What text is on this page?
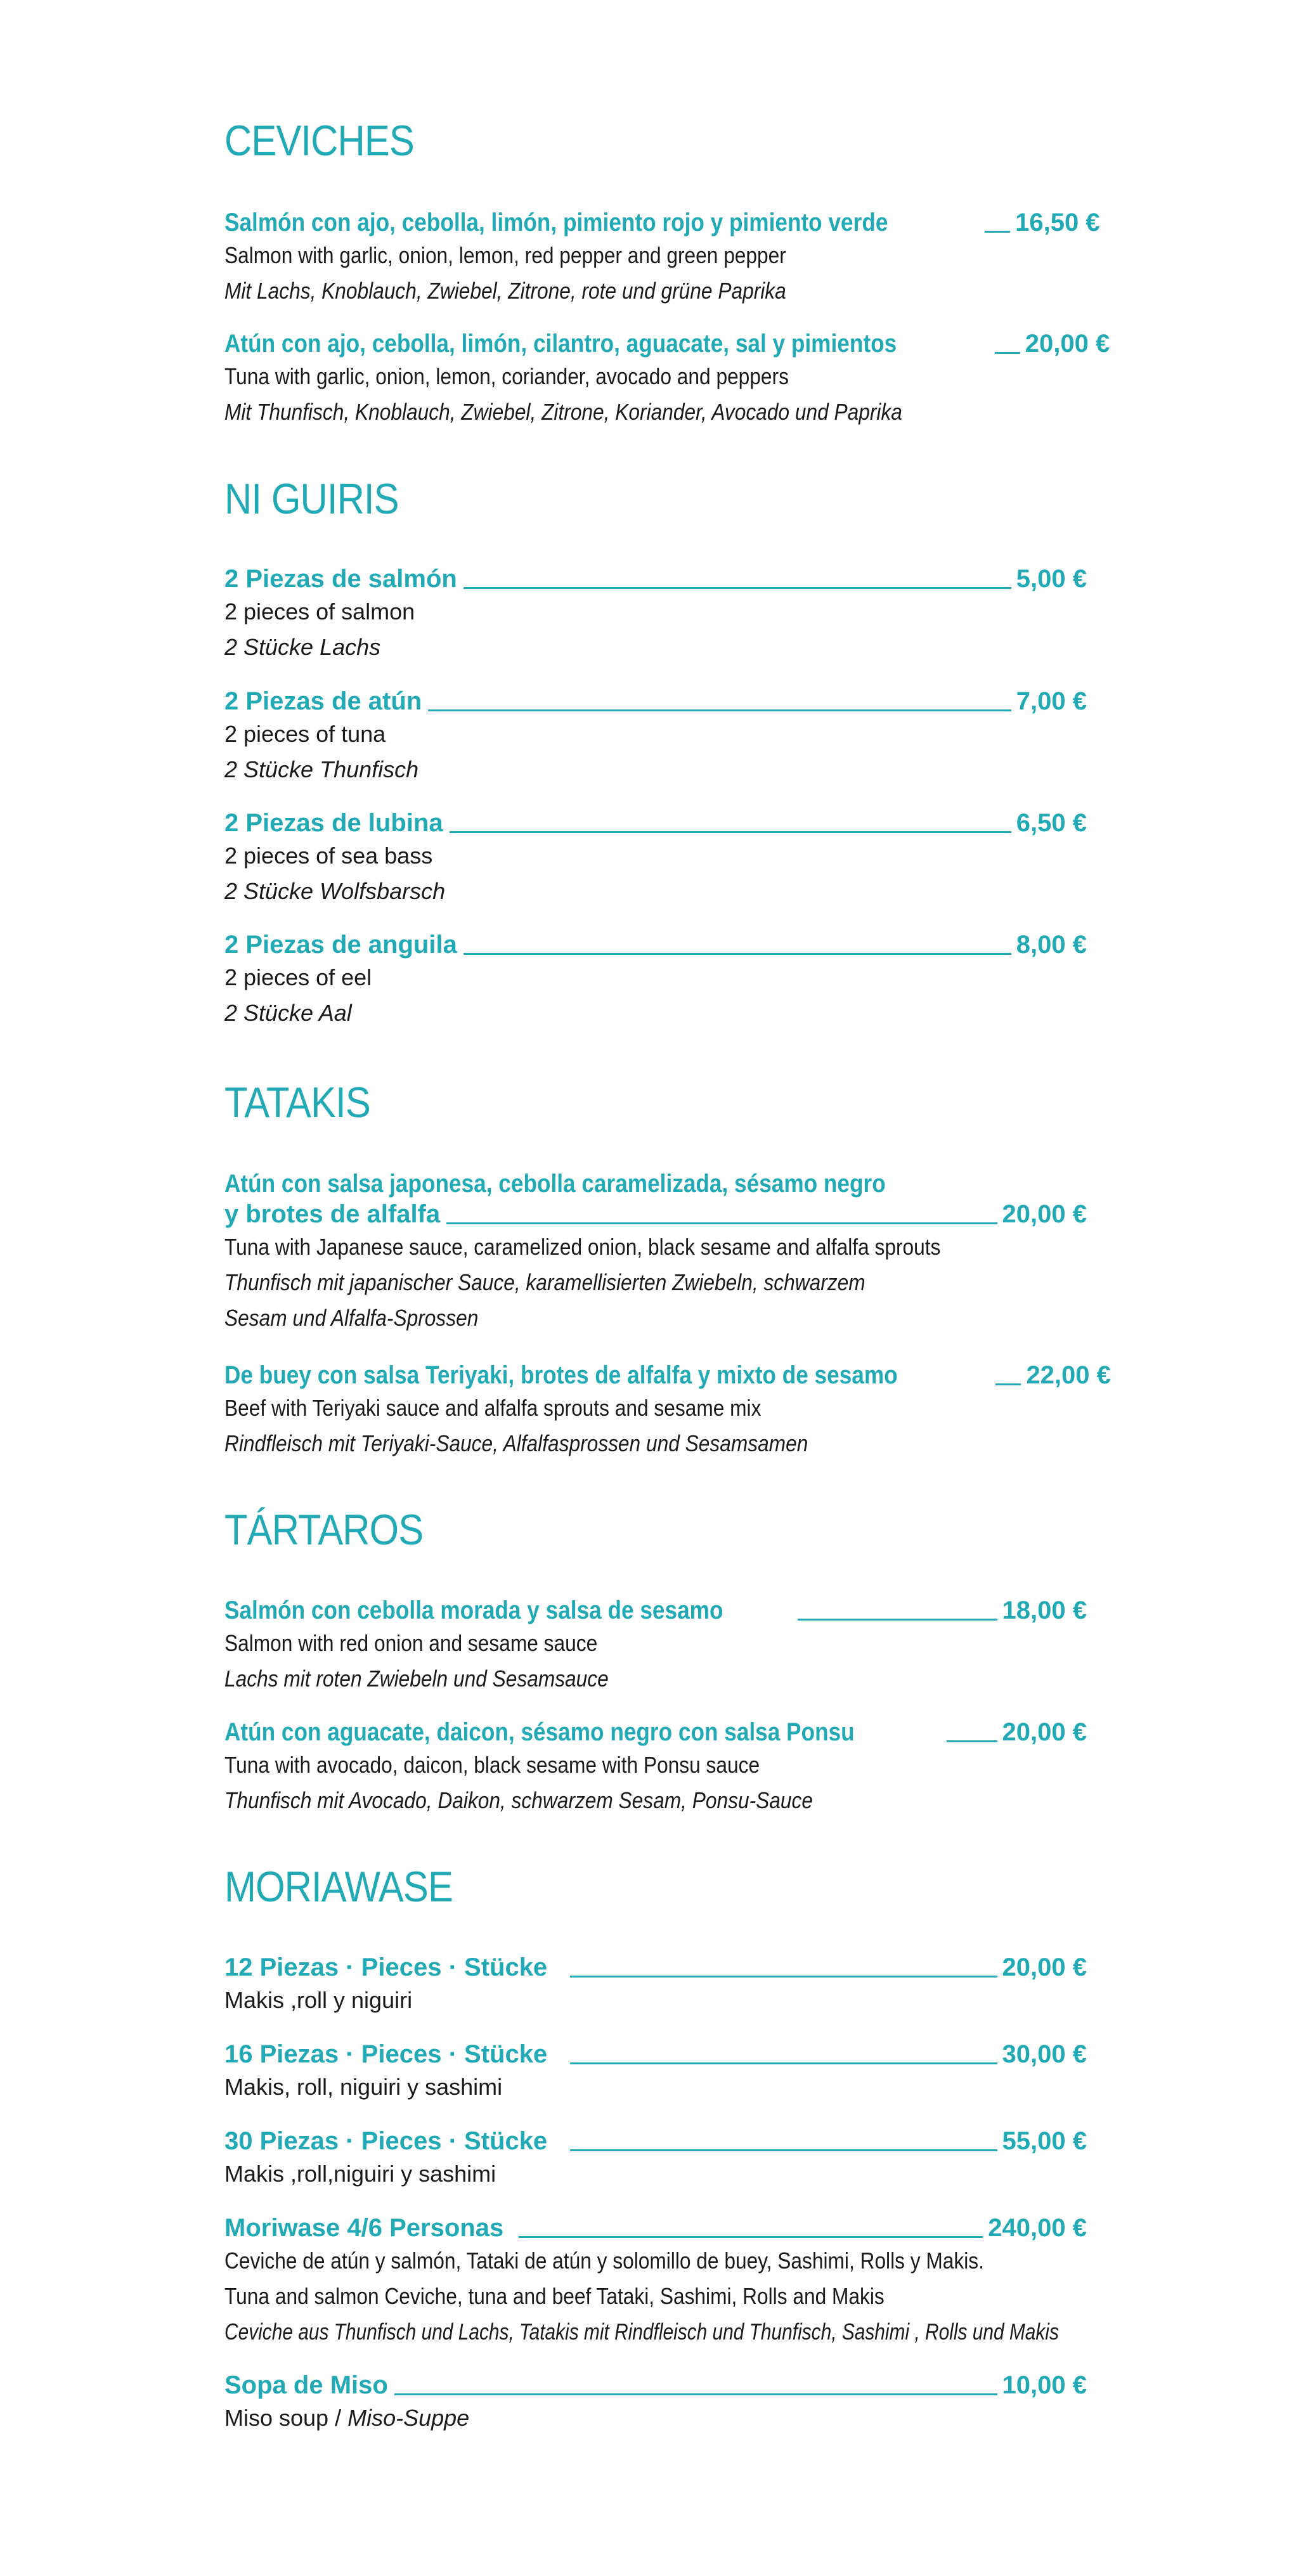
CEVICHES
Salmón con ajo, cebolla, limón, pimiento rojo y pimiento verde	16,50 €
Salmon with garlic, onion, lemon, red pepper and green pepper
Mit Lachs, Knoblauch, Zwiebel, Zitrone, rote und grüne Paprika
Atún con ajo, cebolla, limón, cilantro, aguacate, sal y pimientos	20,00 €
Tuna with garlic, onion, lemon, coriander, avocado and peppers
Mit Thunfisch, Knoblauch, Zwiebel, Zitrone, Koriander, Avocado und Paprika
NI GUIRIS
2 Piezas de salmón	5,00 €
2 pieces of salmon
2 Stücke Lachs
2 Piezas de atún	7,00 €
2 pieces of tuna
2 Stücke Thunfisch
2 Piezas de lubina	6,50 €
2 pieces of sea bass
2 Stücke Wolfsbarsch
2 Piezas de anguila	8,00 €
2 pieces of eel
2 Stücke Aal
TATAKIS
Atún con salsa japonesa, cebolla caramelizada, sésamo negro
y brotes de alfalfa	20,00 €
Tuna with Japanese sauce, caramelized onion, black sesame and alfalfa sprouts
Thunfisch mit japanischer Sauce, karamellisierten Zwiebeln, schwarzem
Sesam und Alfalfa-Sprossen
De buey con salsa Teriyaki, brotes de alfalfa y mixto de sesamo	22,00 €
Beef with Teriyaki sauce and alfalfa sprouts and sesame mix
Rindfleisch mit Teriyaki-Sauce, Alfalfasprossen und Sesamsamen
TÁRTAROS
Salmón con cebolla morada y salsa de sesamo	18,00 €
Salmon with red onion and sesame sauce
Lachs mit roten Zwiebeln und Sesamsauce
Atún con aguacate, daicon, sésamo negro con salsa Ponsu	20,00 €
Tuna with avocado, daicon, black sesame with Ponsu sauce
Thunfisch mit Avocado, Daikon, schwarzem Sesam, Ponsu-Sauce
MORIAWASE
12 Piezas · Pieces · Stücke	20,00 €
Makis ,roll y niguiri
16 Piezas · Pieces · Stücke	30,00 €
Makis, roll, niguiri y sashimi
30 Piezas · Pieces · Stücke	55,00 €
Makis ,roll,niguiri y sashimi
Moriwase 4/6 Personas	240,00 €
Ceviche de atún y salmón, Tataki de atún y solomillo de buey, Sashimi, Rolls y Makis.
Tuna and salmon Ceviche, tuna and beef Tataki, Sashimi, Rolls and Makis
Ceviche aus Thunfisch und Lachs, Tatakis mit Rindfleisch und Thunfisch, Sashimi , Rolls und Makis
Sopa de Miso	10,00 €
Miso soup / Miso-Suppe
